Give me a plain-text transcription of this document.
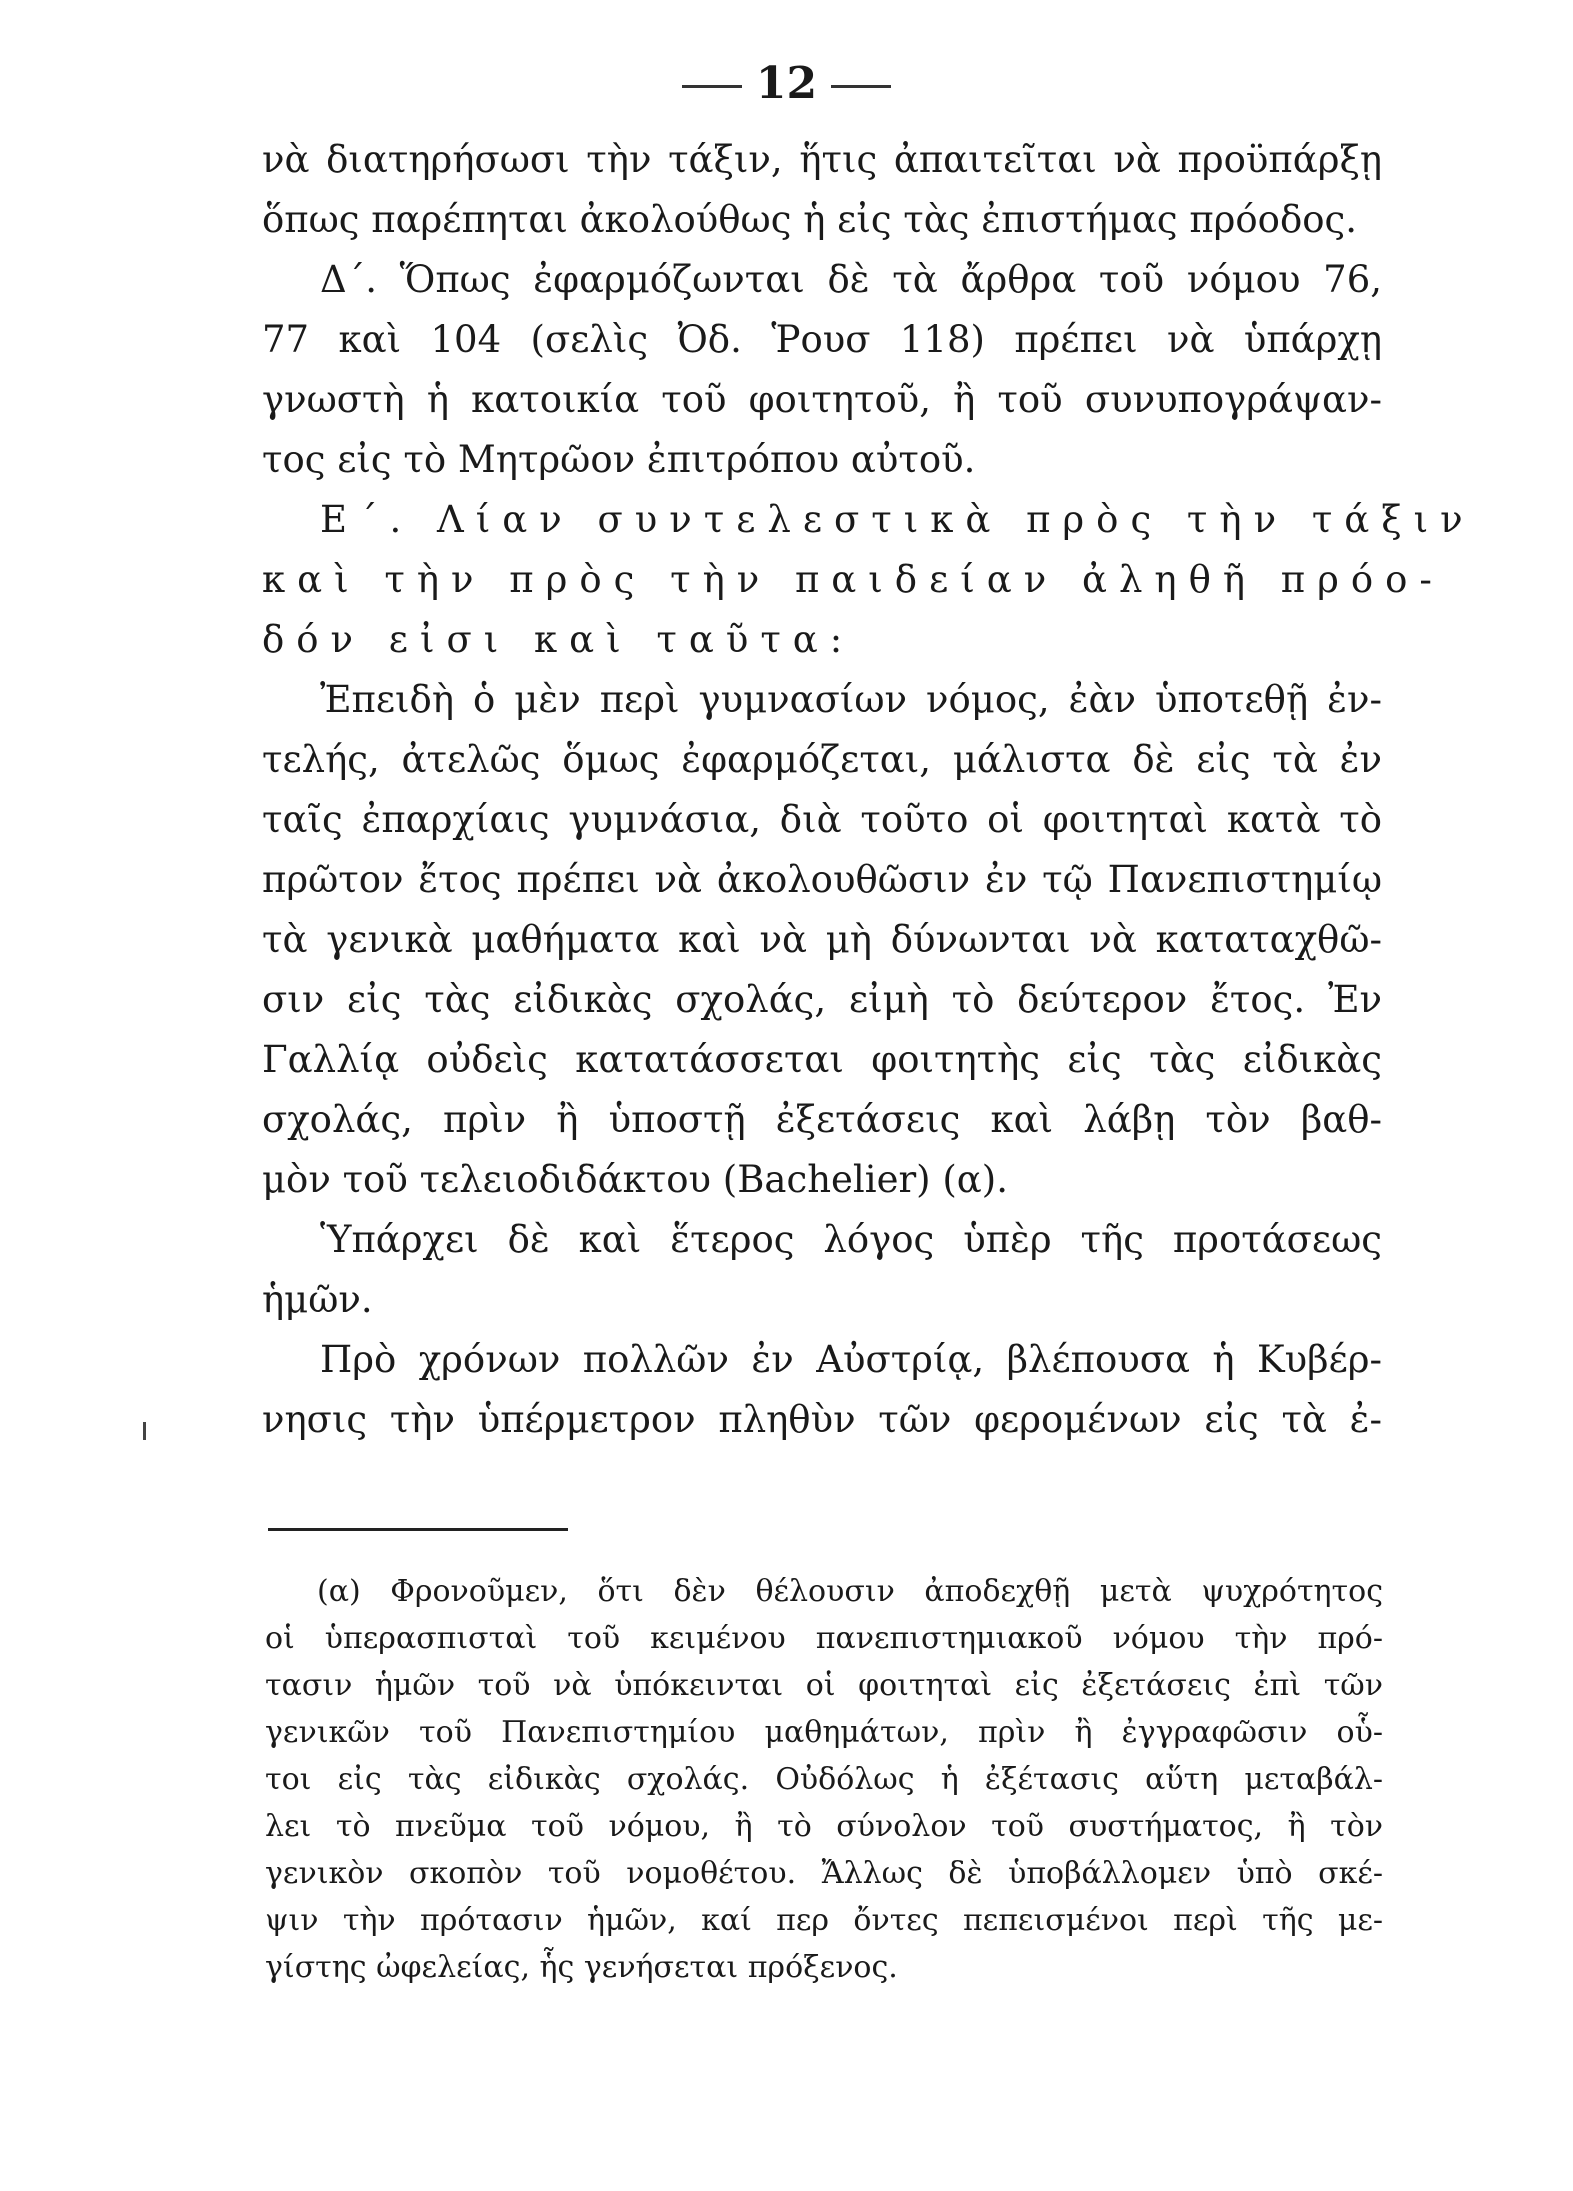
12
νὰ διατηρήσωσι τὴν τάξιν, ἥτις ἀπαιτεῖται νὰ προϋπάρξῃ
ὅπως παρέπηται ἀκολούθως ἡ εἰς τὰς ἐπιστήμας πρόοδος.
Δ΄. Ὅπως ἐφαρμόζωνται δὲ τὰ ἄρθρα τοῦ νόμου 76,
77 καὶ 104 (σελὶς Ὀδ. Ῥουσ 118) πρέπει νὰ ὑπάρχῃ
γνωστὴ ἡ κατοικία τοῦ φοιτητοῦ, ἢ τοῦ συνυπογράψαν-
τος εἰς τὸ Μητρῶον ἐπιτρόπου αὐτοῦ.
Ε΄. Λίαν συντελεστικὰ πρὸς τὴν τάξιν
καὶ τὴν πρὸς τὴν παιδείαν ἀληθῆ πρόο-
δόν εἰσι καὶ ταῦτα:
Ἐπειδὴ ὁ μὲν περὶ γυμνασίων νόμος, ἐὰν ὑποτεθῇ ἐν-
τελής, ἀτελῶς ὅμως ἐφαρμόζεται, μάλιστα δὲ εἰς τὰ ἐν
ταῖς ἐπαρχίαις γυμνάσια, διὰ τοῦτο οἱ φοιτηταὶ κατὰ τὸ
πρῶτον ἔτος πρέπει νὰ ἀκολουθῶσιν ἐν τῷ Πανεπιστημίῳ
τὰ γενικὰ μαθήματα καὶ νὰ μὴ δύνωνται νὰ καταταχθῶ-
σιν εἰς τὰς εἰδικὰς σχολάς, εἰμὴ τὸ δεύτερον ἔτος. Ἐν
Γαλλίᾳ οὐδεὶς κατατάσσεται φοιτητὴς εἰς τὰς εἰδικὰς
σχολάς, πρὶν ἢ ὑποστῇ ἐξετάσεις καὶ λάβῃ τὸν βαθ-
μὸν τοῦ τελειοδιδάκτου (Bachelier) (α).
Ὑπάρχει δὲ καὶ ἕτερος λόγος ὑπὲρ τῆς προτάσεως
ἡμῶν.
Πρὸ χρόνων πολλῶν ἐν Αὐστρίᾳ, βλέπουσα ἡ Κυβέρ-
νησις τὴν ὑπέρμετρον πληθὺν τῶν φερομένων εἰς τὰ ἐ-
(α) Φρονοῦμεν, ὅτι δὲν θέλουσιν ἀποδεχθῇ μετὰ ψυχρότητος
οἱ ὑπερασπισταὶ τοῦ κειμένου πανεπιστημιακοῦ νόμου τὴν πρό-
τασιν ἡμῶν τοῦ νὰ ὑπόκεινται οἱ φοιτηταὶ εἰς ἐξετάσεις ἐπὶ τῶν
γενικῶν τοῦ Πανεπιστημίου μαθημάτων, πρὶν ἢ ἐγγραφῶσιν οὗ-
τοι εἰς τὰς εἰδικὰς σχολάς. Οὐδόλως ἡ ἐξέτασις αὕτη μεταβάλ-
λει τὸ πνεῦμα τοῦ νόμου, ἢ τὸ σύνολον τοῦ συστήματος, ἢ τὸν
γενικὸν σκοπὸν τοῦ νομοθέτου. Ἄλλως δὲ ὑποβάλλομεν ὑπὸ σκέ-
ψιν τὴν πρότασιν ἡμῶν, καί περ ὄντες πεπεισμένοι περὶ τῆς με-
γίστης ὠφελείας, ἧς γενήσεται πρόξενος.
